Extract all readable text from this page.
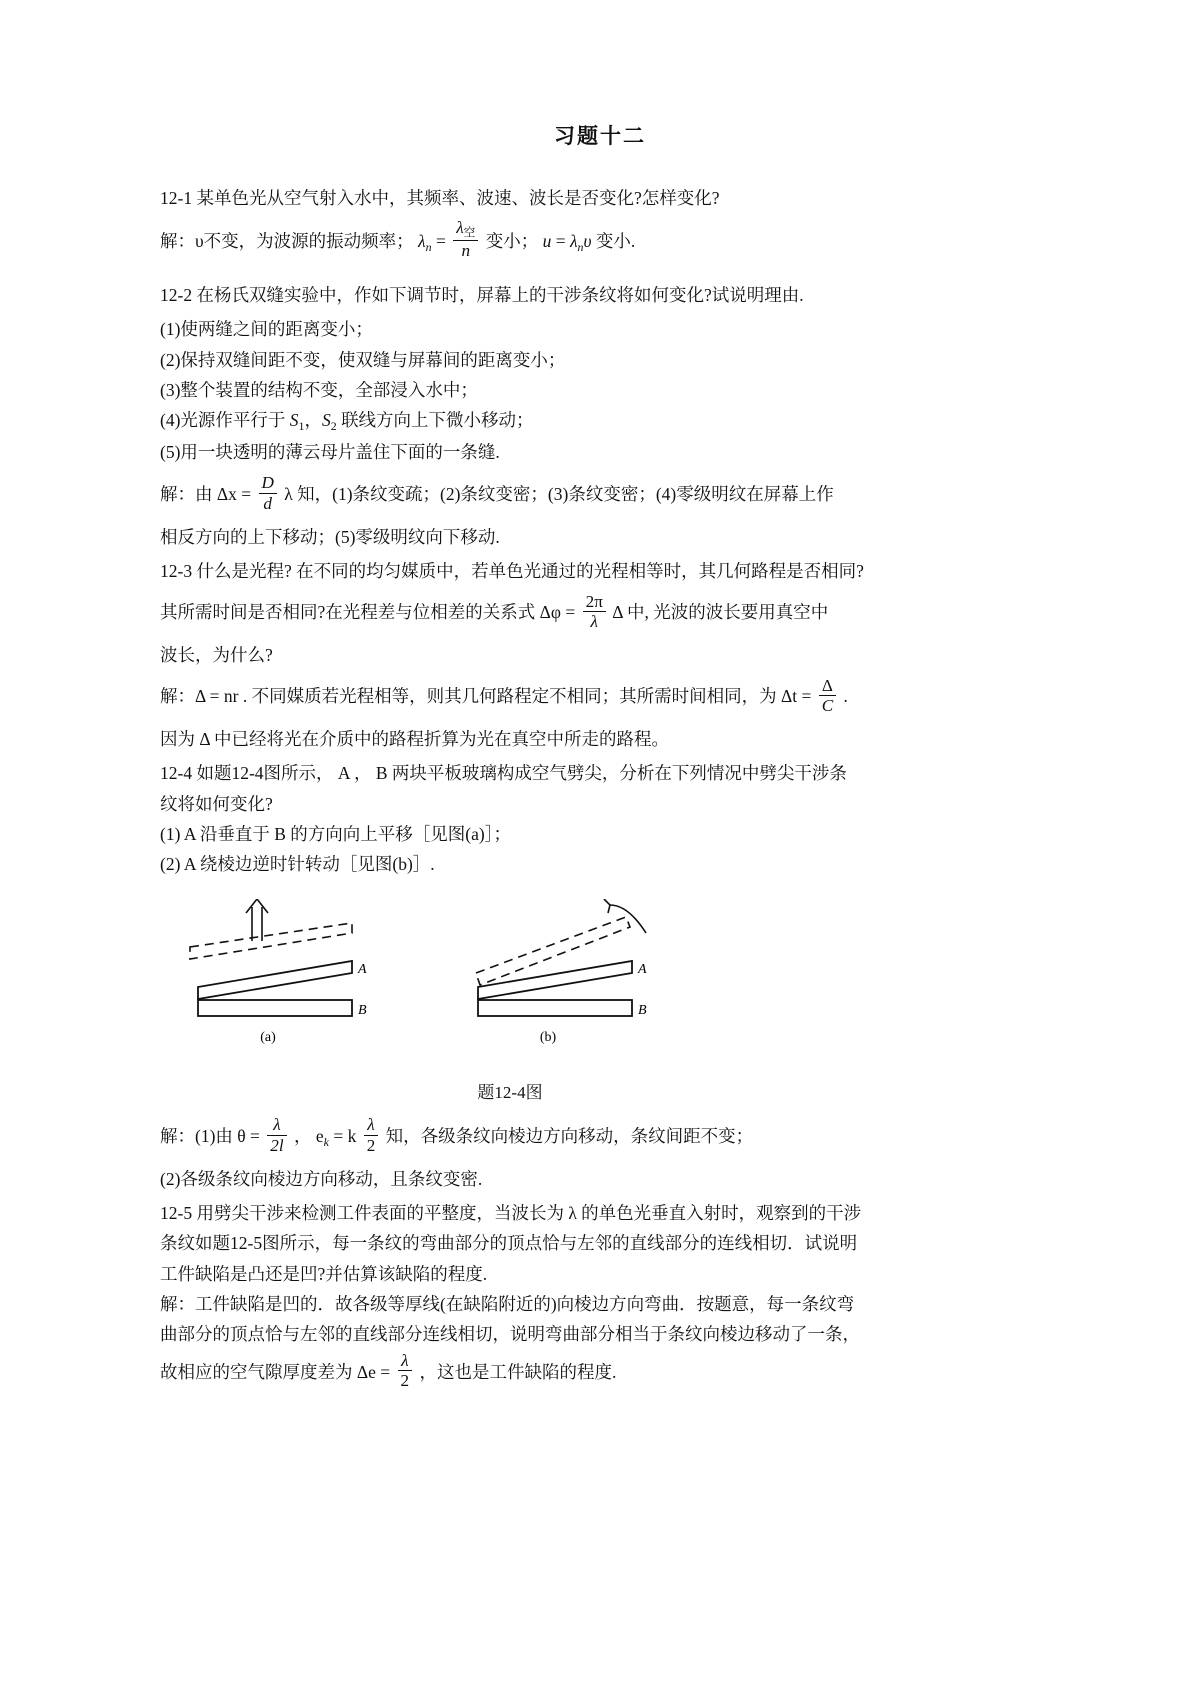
习题十二

12-1 某单色光从空气射入水中，其频率、波速、波长是否变化?怎样变化?

解：υ不变，为波源的振动频率； $\lambda_n = \frac{\lambda_空}{n}$ 变小； $u = \lambda_n\upsilon$ 变小.

12-2 在杨氏双缝实验中，作如下调节时，屏幕上的干涉条纹将如何变化?试说明理由.

(1)使两缝之间的距离变小；

(2)保持双缝间距不变，使双缝与屏幕间的距离变小；

(3)整个装置的结构不变，全部浸入水中；

(4)光源作平行于 $S_1$，$S_2$ 联线方向上下微小移动；

(5)用一块透明的薄云母片盖住下面的一条缝.

解：由 $\Delta x = \frac{D}{d}$ λ 知，(1)条纹变疏；(2)条纹变密；(3)条纹变密；(4)零级明纹在屏幕上作

相反方向的上下移动；(5)零级明纹向下移动.

12-3 什么是光程? 在不同的均匀媒质中，若单色光通过的光程相等时，其几何路程是否相同?

其所需时间是否相同?在光程差与位相差的关系式 $\Delta\varphi = \frac{2\pi}{\lambda}$ Δ 中, 光波的波长要用真空中

波长，为什么?

解：Δ = nr . 不同媒质若光程相等，则其几何路程定不相同；其所需时间相同，为 $\Delta t = \frac{\Delta}{C}$ .

因为 Δ 中已经将光在介质中的路程折算为光在真空中所走的路程。

12-4 如题12-4图所示， A ， B 两块平板玻璃构成空气劈尖，分析在下列情况中劈尖干涉条

纹将如何变化?

(1) A 沿垂直于 B 的方向向上平移［见图(a)］；

(2) A 绕棱边逆时针转动［见图(b)］.

A
B
(a)
A
B
(b)
题12-4图

解：(1)由 $\theta = \frac{\lambda}{2l}$ ， $e_k = k \frac{\lambda}{2}$ 知，各级条纹向棱边方向移动，条纹间距不变；

(2)各级条纹向棱边方向移动，且条纹变密.

12-5 用劈尖干涉来检测工件表面的平整度，当波长为 λ 的单色光垂直入射时，观察到的干涉

条纹如题12-5图所示，每一条纹的弯曲部分的顶点恰与左邻的直线部分的连线相切．试说明

工件缺陷是凸还是凹?并估算该缺陷的程度.

解：工件缺陷是凹的．故各级等厚线(在缺陷附近的)向棱边方向弯曲．按题意，每一条纹弯

曲部分的顶点恰与左邻的直线部分连线相切，说明弯曲部分相当于条纹向棱边移动了一条，

故相应的空气隙厚度差为 $\Delta e = \frac{\lambda}{2}$ ，这也是工件缺陷的程度.
